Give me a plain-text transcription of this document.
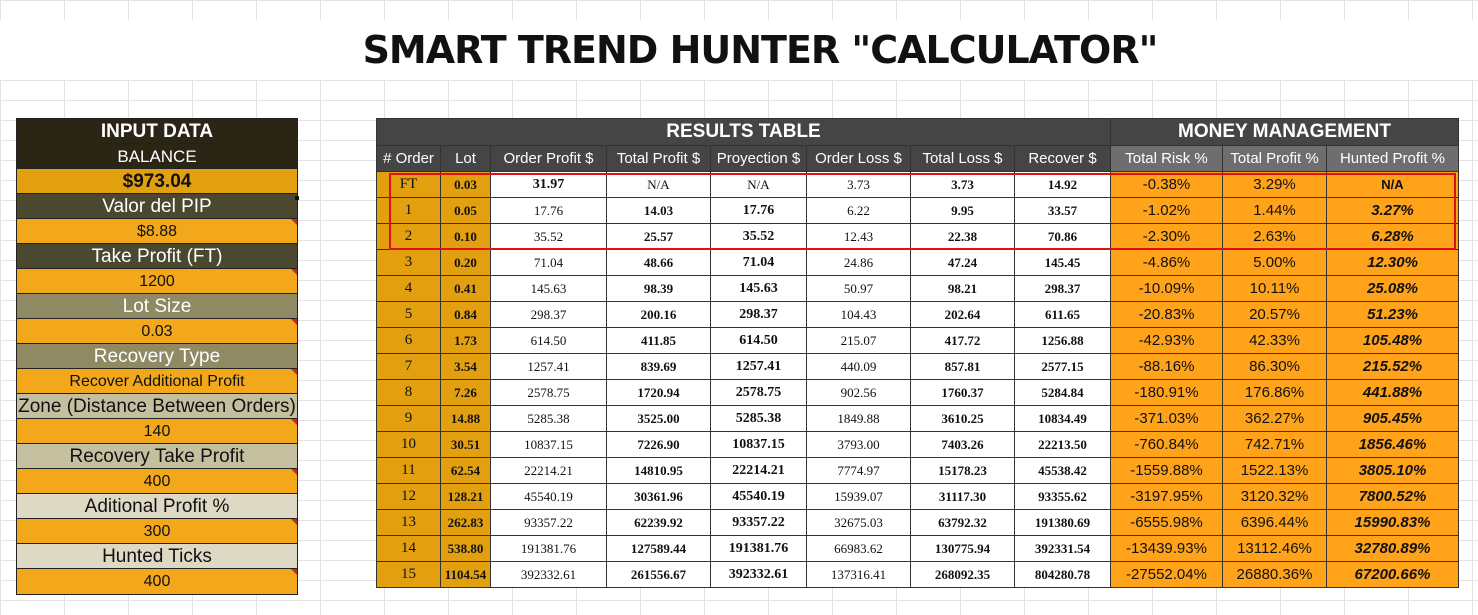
SMART TREND HUNTER "CALCULATOR"
INPUT DATA
BALANCE
$973.04
Valor del PIP
$8.88
Take Profit (FT)
1200
Lot Size
0.03
Recovery Type
Recover Additional Profit
Zone (Distance Between Orders)
140
Recovery Take Profit
400
Aditional Profit %
300
Hunted Ticks
400
RESULTS TABLE								MONEY MANAGEMENT		
# Order	Lot	Order Profit $	Total Profit $	Proyection $	Order Loss $	Total Loss $	Recover $	Total Risk %	Total Profit %	Hunted Profit %
FT	0.03	31.97	N/A	N/A	3.73	3.73	14.92	-0.38%	3.29%	N/A
1	0.05	17.76	14.03	17.76	6.22	9.95	33.57	-1.02%	1.44%	3.27%
2	0.10	35.52	25.57	35.52	12.43	22.38	70.86	-2.30%	2.63%	6.28%
3	0.20	71.04	48.66	71.04	24.86	47.24	145.45	-4.86%	5.00%	12.30%
4	0.41	145.63	98.39	145.63	50.97	98.21	298.37	-10.09%	10.11%	25.08%
5	0.84	298.37	200.16	298.37	104.43	202.64	611.65	-20.83%	20.57%	51.23%
6	1.73	614.50	411.85	614.50	215.07	417.72	1256.88	-42.93%	42.33%	105.48%
7	3.54	1257.41	839.69	1257.41	440.09	857.81	2577.15	-88.16%	86.30%	215.52%
8	7.26	2578.75	1720.94	2578.75	902.56	1760.37	5284.84	-180.91%	176.86%	441.88%
9	14.88	5285.38	3525.00	5285.38	1849.88	3610.25	10834.49	-371.03%	362.27%	905.45%
10	30.51	10837.15	7226.90	10837.15	3793.00	7403.26	22213.50	-760.84%	742.71%	1856.46%
11	62.54	22214.21	14810.95	22214.21	7774.97	15178.23	45538.42	-1559.88%	1522.13%	3805.10%
12	128.21	45540.19	30361.96	45540.19	15939.07	31117.30	93355.62	-3197.95%	3120.32%	7800.52%
13	262.83	93357.22	62239.92	93357.22	32675.03	63792.32	191380.69	-6555.98%	6396.44%	15990.83%
14	538.80	191381.76	127589.44	191381.76	66983.62	130775.94	392331.54	-13439.93%	13112.46%	32780.89%
15	1104.54	392332.61	261556.67	392332.61	137316.41	268092.35	804280.78	-27552.04%	26880.36%	67200.66%
